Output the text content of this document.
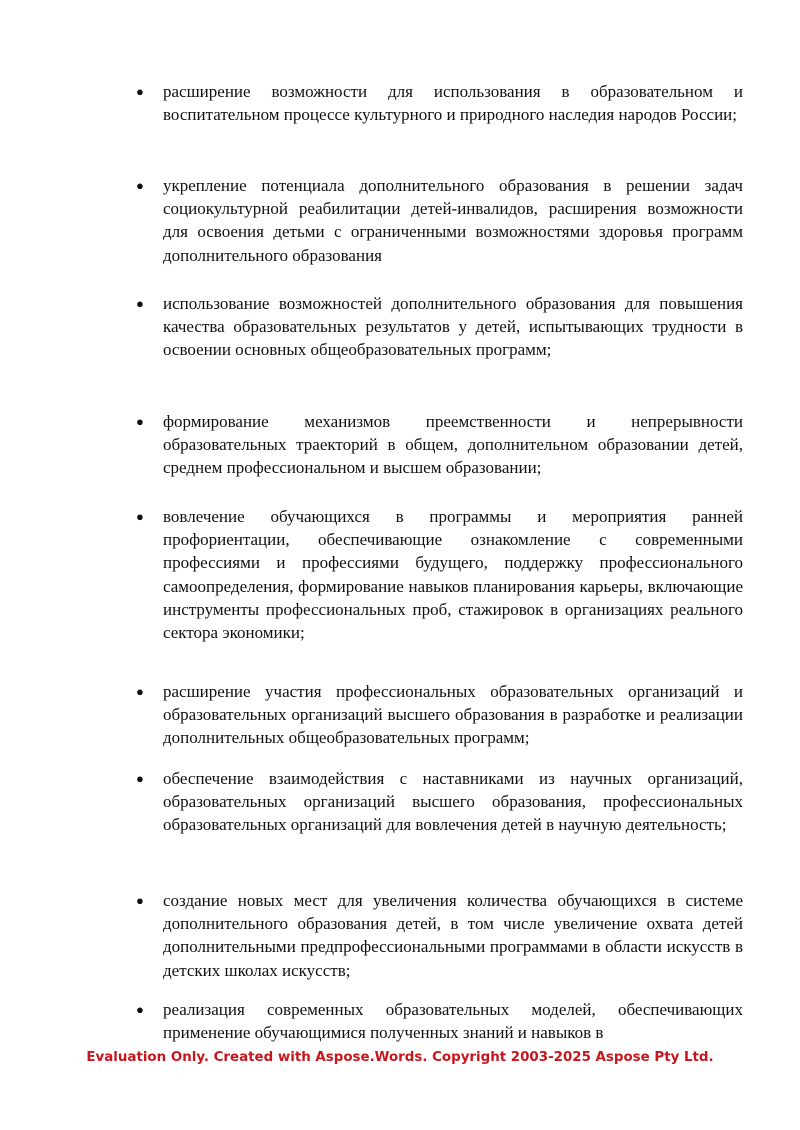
● расширение возможности для использования в образовательном и воспитательном процессе культурного и природного наследия народов России;
● укрепление потенциала дополнительного образования в решении задач социокультурной реабилитации детей-инвалидов, расширения возможности для освоения детьми с ограниченными возможностями здоровья программ дополнительного образования
● использование возможностей дополнительного образования для повышения качества образовательных результатов у детей, испытывающих трудности в освоении основных общеобразовательных программ;
● формирование механизмов преемственности и непрерывности образовательных траекторий в общем, дополнительном образовании детей, среднем профессиональном и высшем образовании;
● вовлечение обучающихся в программы и мероприятия ранней профориентации, обеспечивающие ознакомление с современными профессиями и профессиями будущего, поддержку профессионального самоопределения, формирование навыков планирования карьеры, включающие инструменты профессиональных проб, стажировок в организациях реального сектора экономики;
● расширение участия профессиональных образовательных организаций и образовательных организаций высшего образования в разработке и реализации дополнительных общеобразовательных программ;
● обеспечение взаимодействия с наставниками из научных организаций, образовательных организаций высшего образования, профессиональных образовательных организаций для вовлечения детей в научную деятельность;
● создание новых мест для увеличения количества обучающихся в системе дополнительного образования детей, в том числе увеличение охвата детей дополнительными предпрофессиональными программами в области искусств в детских школах искусств;
● реализация современных образовательных моделей, обеспечивающих применение обучающимися полученных знаний и навыков в
Evaluation Only. Created with Aspose.Words. Copyright 2003-2025 Aspose Pty Ltd.
